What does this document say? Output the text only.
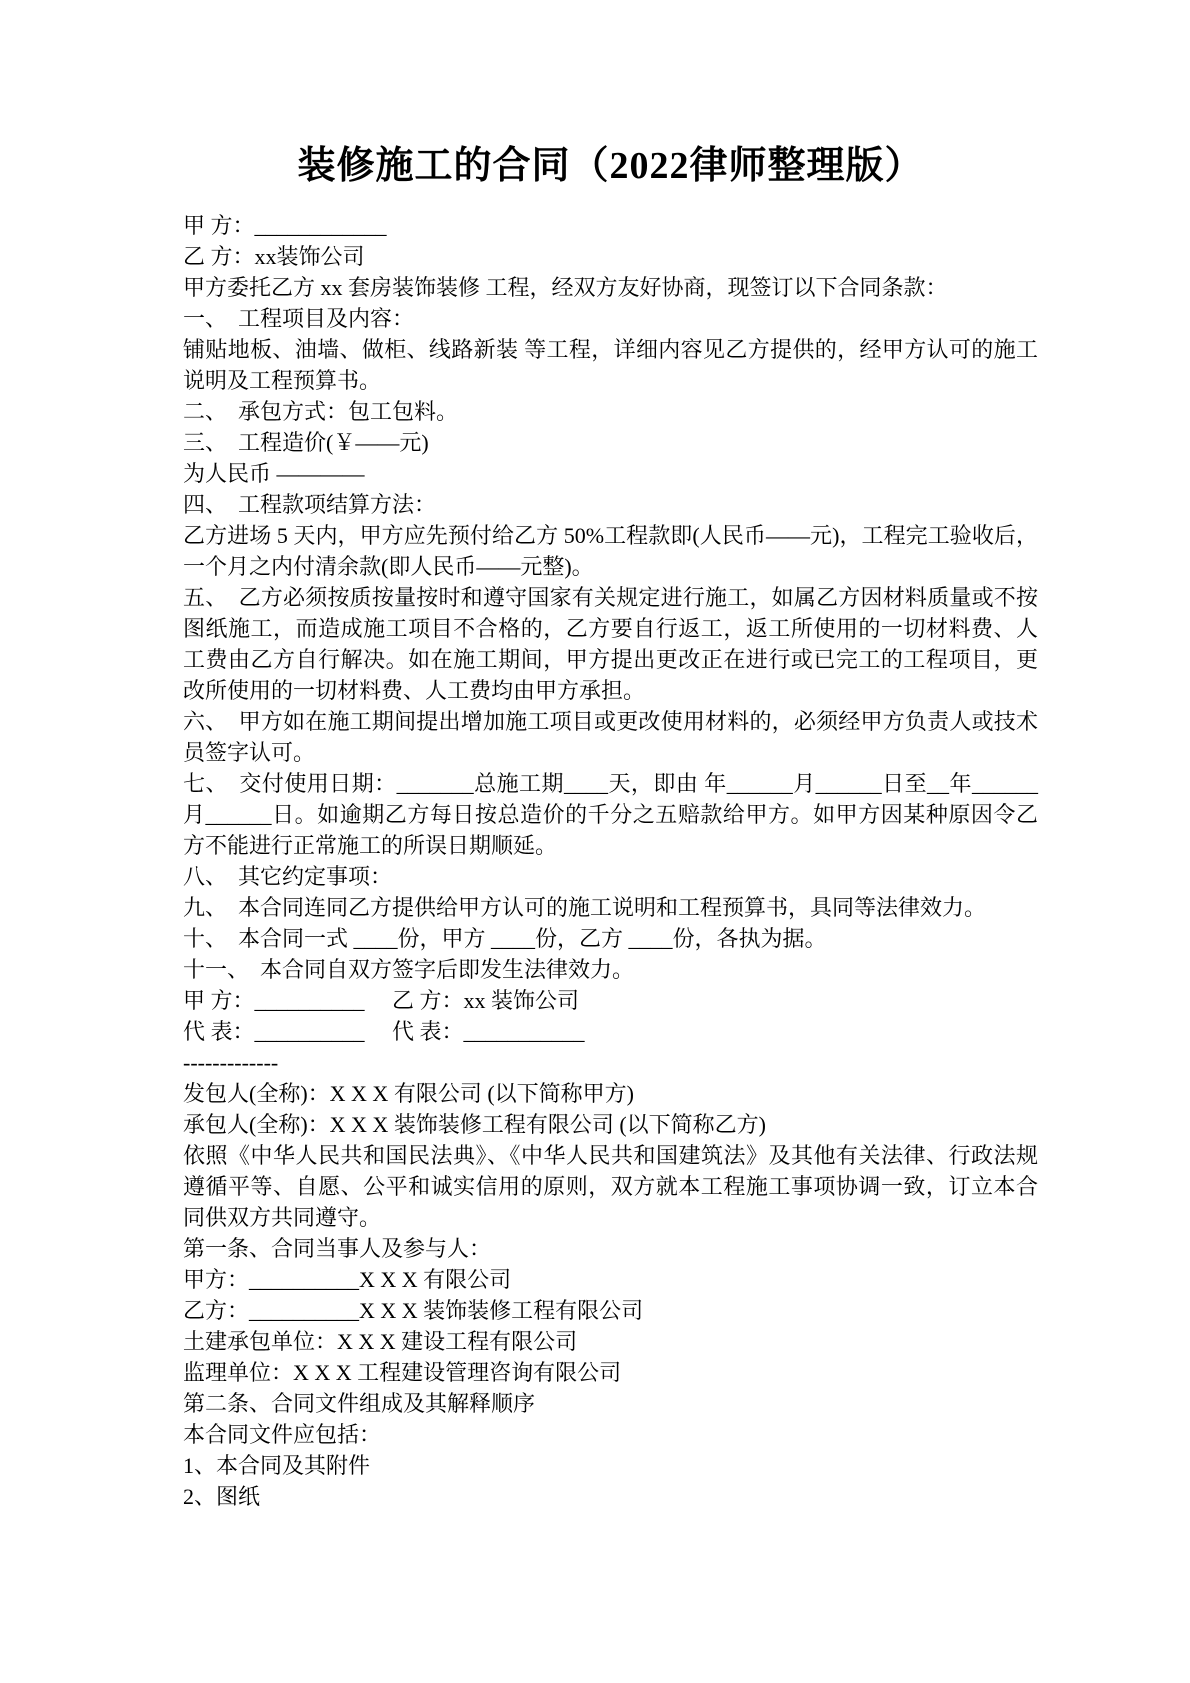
装修施工的合同（2022律师整理版）

甲 方：____________

乙 方：xx装饰公司

甲方委托乙方 xx 套房装饰装修 工程，经双方友好协商，现签订以下合同条款：

一、　工程项目及内容：

铺贴地板、油墙、做柜、线路新装 等工程，详细内容见乙方提供的，经甲方认可的施工说明及工程预算书。

二、　承包方式：包工包料。

三、　工程造价(￥——元)

为人民币 ————

四、　工程款项结算方法：

乙方进场 5 天内，甲方应先预付给乙方 50%工程款即(人民币——元)，工程完工验收后，一个月之内付清余款(即人民币——元整)。

五、　乙方必须按质按量按时和遵守国家有关规定进行施工，如属乙方因材料质量或不按图纸施工，而造成施工项目不合格的，乙方要自行返工，返工所使用的一切材料费、人工费由乙方自行解决。如在施工期间，甲方提出更改正在进行或已完工的工程项目，更改所使用的一切材料费、人工费均由甲方承担。

六、　甲方如在施工期间提出增加施工项目或更改使用材料的，必须经甲方负责人或技术员签字认可。

七、　交付使用日期：_______总施工期____天，即由 年______月______日至__年______月______日。如逾期乙方每日按总造价的千分之五赔款给甲方。如甲方因某种原因令乙方不能进行正常施工的所误日期顺延。

八、　其它约定事项：

九、　本合同连同乙方提供给甲方认可的施工说明和工程预算书，具同等法律效力。

十、　本合同一式 ____份，甲方 ____份，乙方 ____份，各执为据。

十一、　本合同自双方签字后即发生法律效力。

甲 方：__________　 乙 方：xx 装饰公司

代 表：__________　 代 表：___________

-------------

发包人(全称)：X X X 有限公司 (以下简称甲方)

承包人(全称)：X X X 装饰装修工程有限公司 (以下简称乙方)

依照《中华人民共和国民法典》、《中华人民共和国建筑法》及其他有关法律、行政法规遵循平等、自愿、公平和诚实信用的原则，双方就本工程施工事项协调一致，订立本合同供双方共同遵守。

第一条、合同当事人及参与人：

甲方：__________X X X 有限公司

乙方：__________X X X 装饰装修工程有限公司

土建承包单位：X X X 建设工程有限公司

监理单位：X X X 工程建设管理咨询有限公司

第二条、合同文件组成及其解释顺序

本合同文件应包括：

1、本合同及其附件

2、图纸
